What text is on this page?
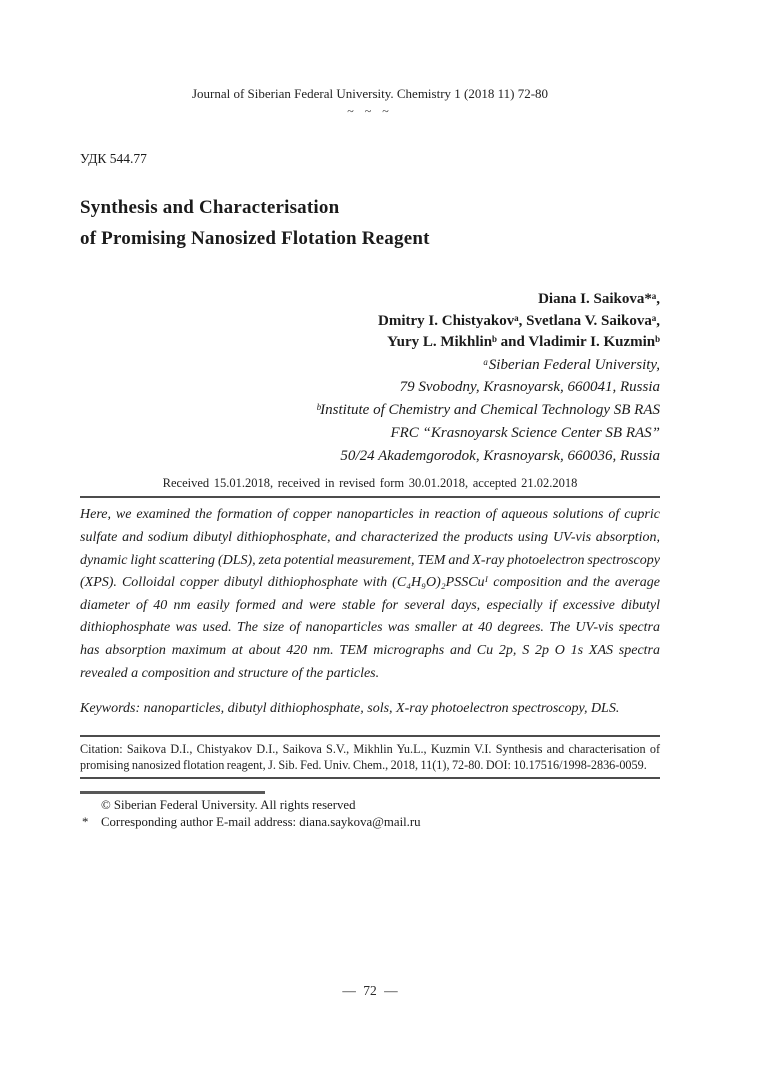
Journal of Siberian Federal University. Chemistry 1 (2018 11) 72-80
~ ~ ~
УДК 544.77
Synthesis and Characterisation
of Promising Nanosized Flotation Reagent
Diana I. Saikova*ᵃ,
Dmitry I. Chistyakovᵃ, Svetlana V. Saikovaᵃ,
Yury L. Mikhlinᵇ and Vladimir I. Kuzminᵇ
ᵃSiberian Federal University,
79 Svobodny, Krasnoyarsk, 660041, Russia
ᵇInstitute of Chemistry and Chemical Technology SB RAS
FRC “Krasnoyarsk Science Center SB RAS”
50/24 Akademgorodok, Krasnoyarsk, 660036, Russia
Received 15.01.2018, received in revised form 30.01.2018, accepted 21.02.2018
Here, we examined the formation of copper nanoparticles in reaction of aqueous solutions of cupric
sulfate and sodium dibutyl dithiophosphate, and characterized the products using UV-vis absorption,
dynamic light scattering (DLS), zeta potential measurement, TEM and X-ray photoelectron spectroscopy
(XPS). Colloidal copper dibutyl dithiophosphate with (C₄H₉O)₂PSSCuᴵ composition and the average
diameter of 40 nm easily formed and were stable for several days, especially if excessive dibutyl
dithiophosphate was used. The size of nanoparticles was smaller at 40 degrees. The UV-vis spectra
has absorption maximum at about 420 nm. TEM micrographs and Cu 2p, S 2p O 1s XAS spectra
revealed a composition and structure of the particles.
Keywords: nanoparticles, dibutyl dithiophosphate, sols, X-ray photoelectron spectroscopy, DLS.
Citation: Saikova D.I., Chistyakov D.I., Saikova S.V., Mikhlin Yu.L., Kuzmin V.I. Synthesis and characterisation of
promising nanosized flotation reagent, J. Sib. Fed. Univ. Chem., 2018, 11(1), 72-80. DOI: 10.17516/1998-2836-0059.
© Siberian Federal University. All rights reserved
* Corresponding author E-mail address: diana.saykova@mail.ru
— 72 —
